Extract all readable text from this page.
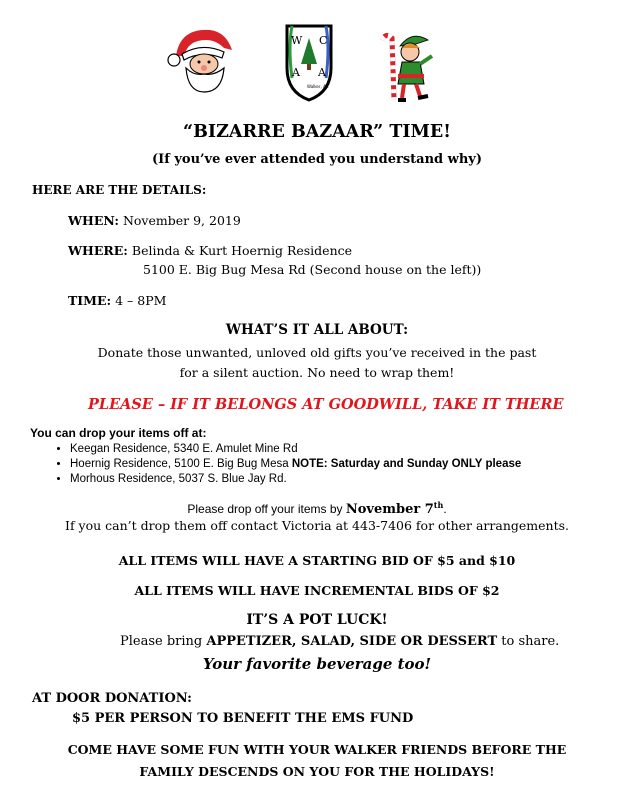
W C
A A
Walker, AZ
“BIZARRE BAZAAR” TIME!
(If you’ve ever attended you understand why)
HERE ARE THE DETAILS:
WHEN: November 9, 2019
WHERE: Belinda & Kurt Hoernig Residence
5100 E. Big Bug Mesa Rd (Second house on the left))
TIME: 4 – 8PM
WHAT’S IT ALL ABOUT:
Donate those unwanted, unloved old gifts you’ve received in the past
for a silent auction. No need to wrap them!
PLEASE – IF IT BELONGS AT GOODWILL, TAKE IT THERE
You can drop your items off at:
• Keegan Residence, 5340 E. Amulet Mine Rd
• Hoernig Residence, 5100 E. Big Bug Mesa NOTE: Saturday and Sunday ONLY please
• Morhous Residence, 5037 S. Blue Jay Rd.
Please drop off your items by November 7th.
If you can’t drop them off contact Victoria at 443-7406 for other arrangements.
ALL ITEMS WILL HAVE A STARTING BID OF $5 and $10
ALL ITEMS WILL HAVE INCREMENTAL BIDS OF $2
IT’S A POT LUCK!
Please bring APPETIZER, SALAD, SIDE OR DESSERT to share.
Your favorite beverage too!
AT DOOR DONATION:
$5 PER PERSON TO BENEFIT THE EMS FUND
COME HAVE SOME FUN WITH YOUR WALKER FRIENDS BEFORE THE
FAMILY DESCENDS ON YOU FOR THE HOLIDAYS!
